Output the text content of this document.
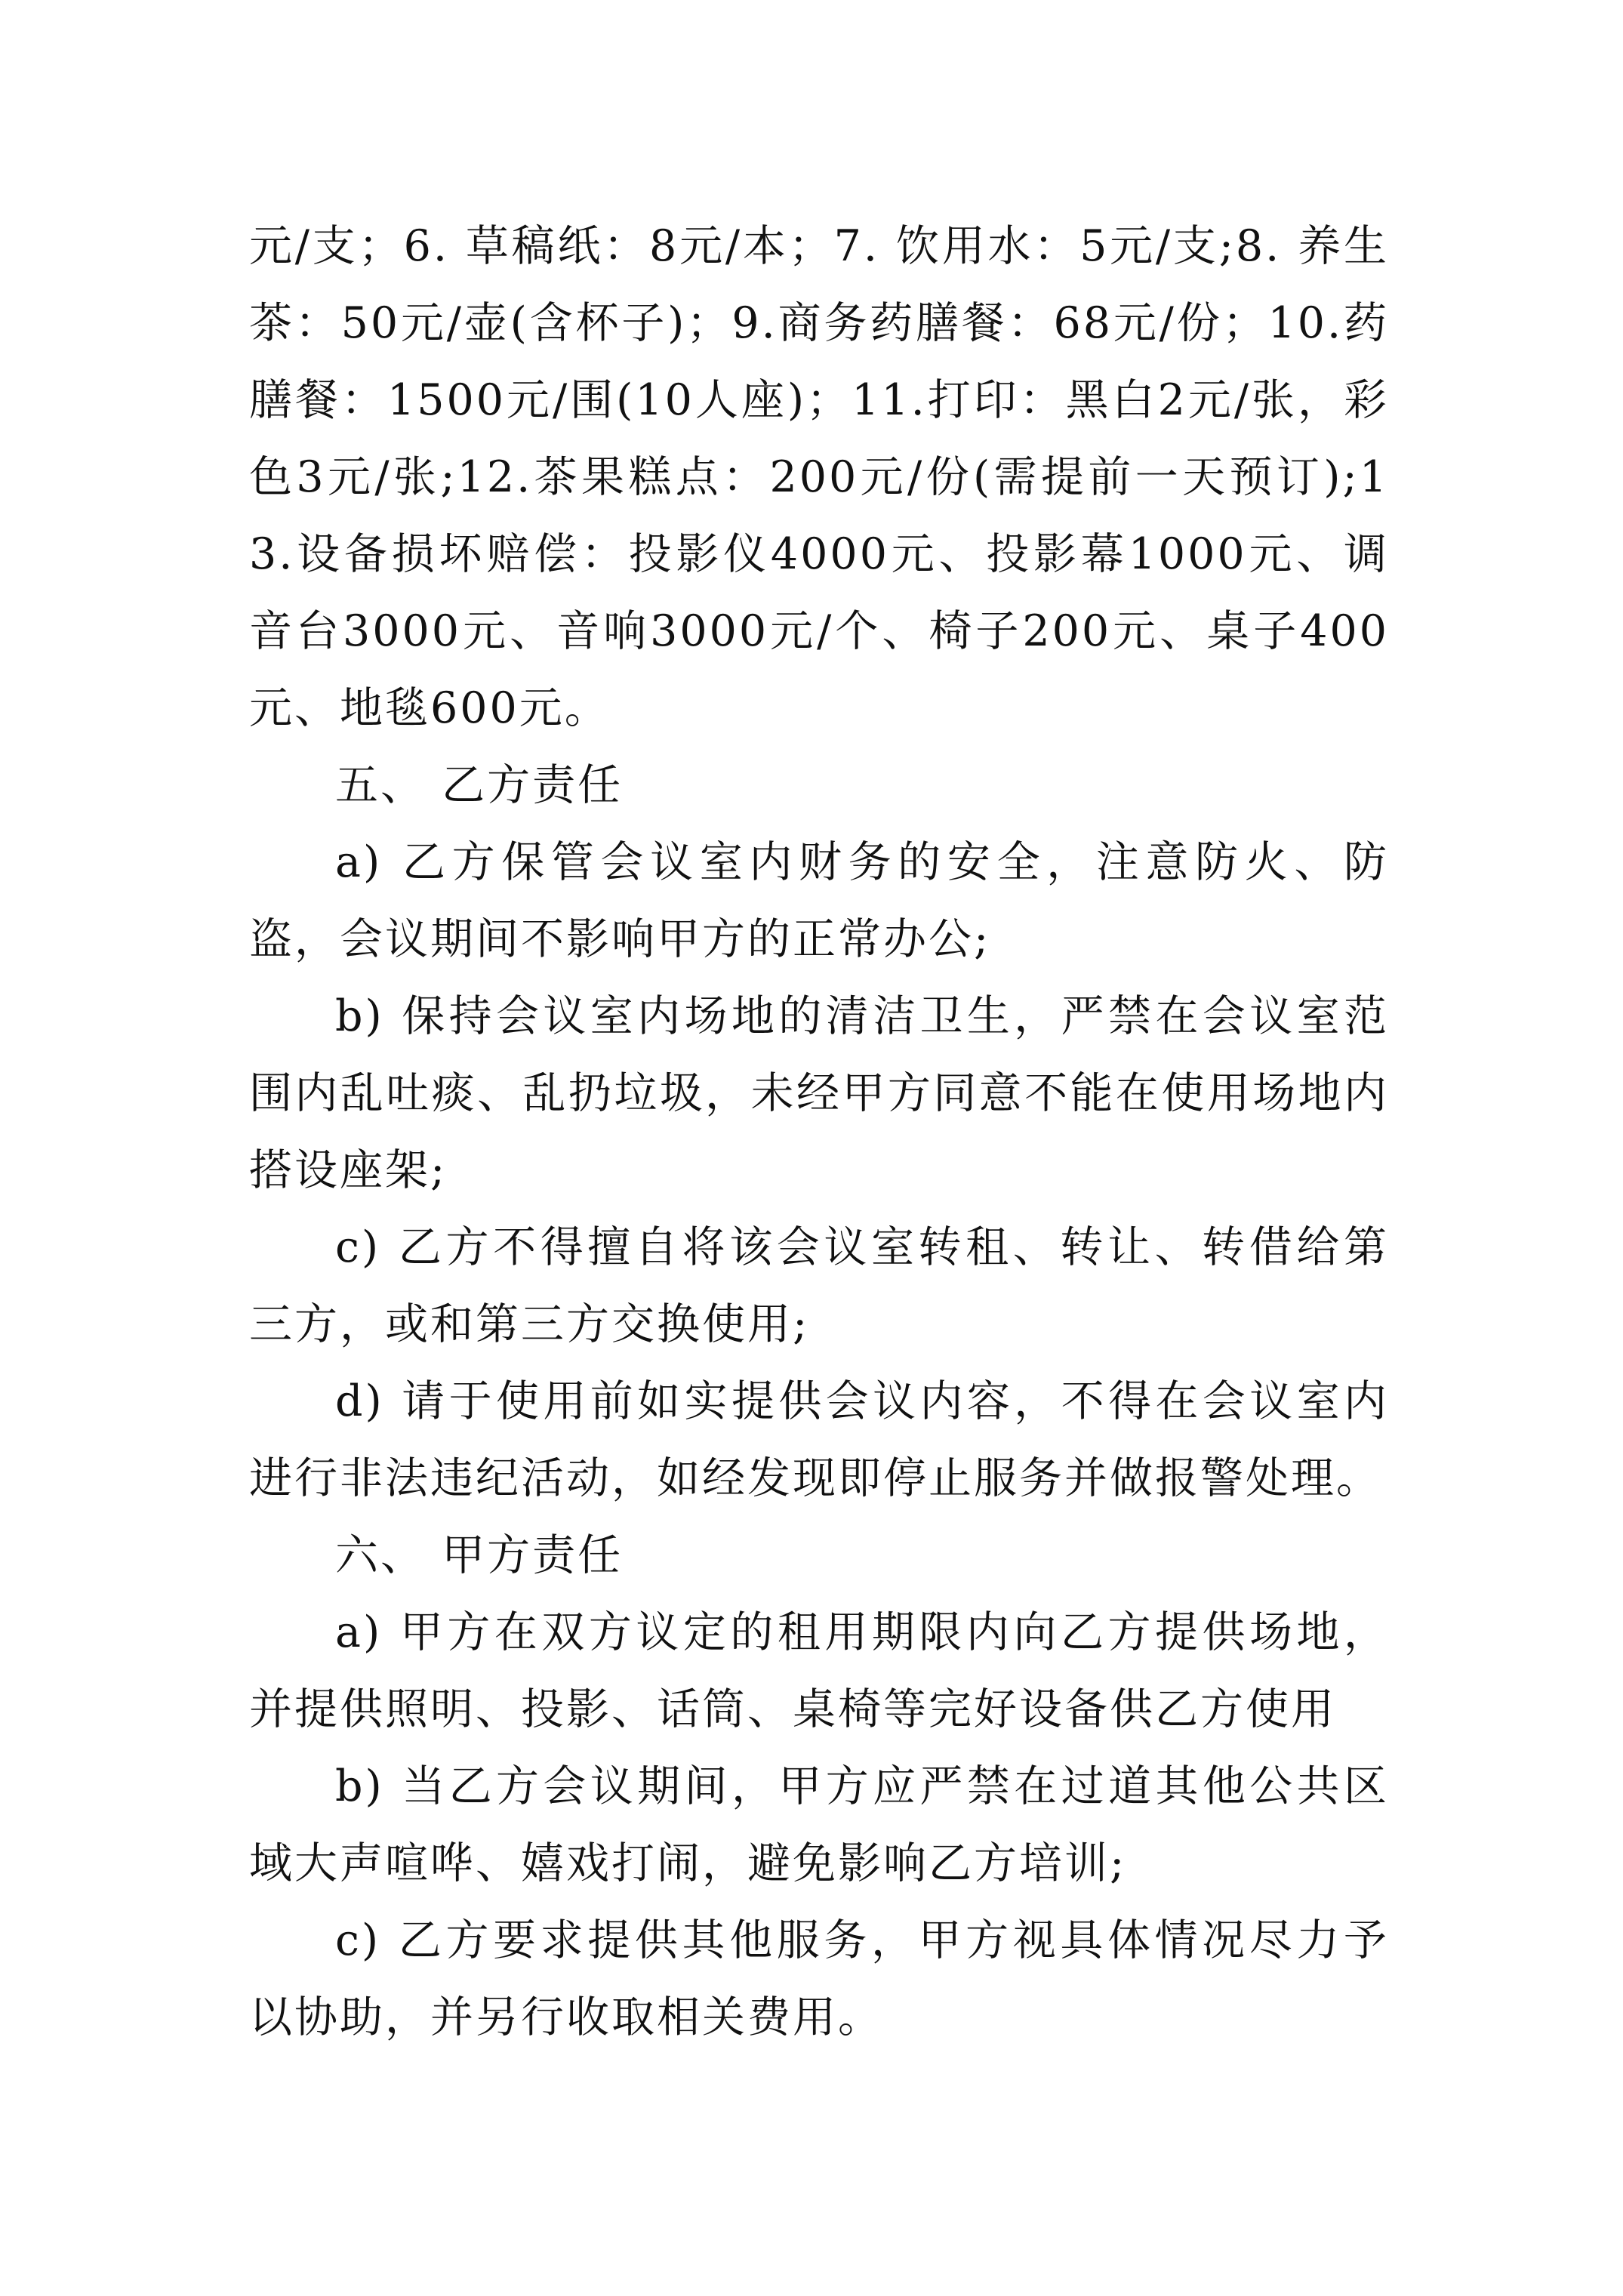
元/支；6. 草稿纸：8元/本；7. 饮用水：5元/支;8. 养生茶：50元/壶(含杯子)；9.商务药膳餐：68元/份；10.药膳餐：1500元/围(10人座)；11.打印：黑白2元/张，彩色3元/张;12.茶果糕点：200元/份(需提前一天预订);13.设备损坏赔偿：投影仪4000元、投影幕1000元、调音台3000元、音响3000元/个、椅子200元、桌子400元、地毯600元。

五、 乙方责任

a) 乙方保管会议室内财务的安全，注意防火、防盗，会议期间不影响甲方的正常办公;

b) 保持会议室内场地的清洁卫生，严禁在会议室范围内乱吐痰、乱扔垃圾，未经甲方同意不能在使用场地内搭设座架;

c) 乙方不得擅自将该会议室转租、转让、转借给第三方，或和第三方交换使用;

d) 请于使用前如实提供会议内容，不得在会议室内进行非法违纪活动，如经发现即停止服务并做报警处理。

六、 甲方责任

a) 甲方在双方议定的租用期限内向乙方提供场地，并提供照明、投影、话筒、桌椅等完好设备供乙方使用

b) 当乙方会议期间，甲方应严禁在过道其他公共区域大声喧哗、嬉戏打闹，避免影响乙方培训;

c) 乙方要求提供其他服务，甲方视具体情况尽力予以协助，并另行收取相关费用。
